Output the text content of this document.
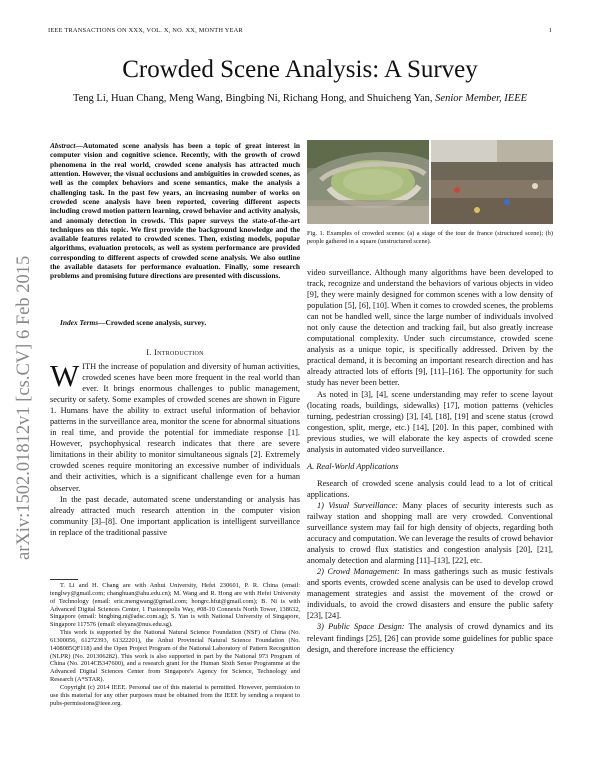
IEEE TRANSACTIONS ON XXX, VOL. X, NO. XX, MONTH YEAR	1
Crowded Scene Analysis: A Survey
Teng Li, Huan Chang, Meng Wang, Bingbing Ni, Richang Hong, and Shuicheng Yan, Senior Member, IEEE
arXiv:1502.01812v1 [cs.CV] 6 Feb 2015

Abstract—Automated scene analysis has been a topic of great interest in computer vision and cognitive science. Recently, with the growth of crowd phenomena in the real world, crowded scene analysis has attracted much attention. However, the visual occlusions and ambiguities in crowded scenes, as well as the complex behaviors and scene semantics, make the analysis a challenging task. In the past few years, an increasing number of works on crowded scene analysis have been reported, covering different aspects including crowd motion pattern learning, crowd behavior and activity analysis, and anomaly detection in crowds. This paper surveys the state-of-the-art techniques on this topic. We first provide the background knowledge and the available features related to crowded scenes. Then, existing models, popular algorithms, evaluation protocols, as well as system performance are provided corresponding to different aspects of crowded scene analysis. We also outline the available datasets for performance evaluation. Finally, some research problems and promising future directions are presented with discussions.

Index Terms—Crowded scene analysis, survey.

I. Introduction

WITH the increase of population and diversity of human activities, crowded scenes have been more frequent in the real world than ever. It brings enormous challenges to public management, security or safety. Some examples of crowded scenes are shown in Figure 1. Humans have the ability to extract useful information of behavior patterns in the surveillance area, monitor the scene for abnormal situations in real time, and provide the potential for immediate response [1]. However, psychophysical research indicates that there are severe limitations in their ability to monitor simultaneous signals [2]. Extremely crowded scenes require monitoring an excessive number of individuals and their activities, which is a significant challenge even for a human observer.

In the past decade, automated scene understanding or analysis has already attracted much research attention in the computer vision community [3]–[8]. One important application is intelligent surveillance in replace of the traditional passive

T. Li and H. Chang are with Anhui University, Hefei 230601, P. R. China (email: tenglwy@gmail.com; changhuan@ahu.edu.cn); M. Wang and R. Hong are with Hefei University of Technology (email: eric.mengwang@gmail.com; hongrc.hfut@gmail.com); B. Ni is with Advanced Digital Sciences Center, 1 Fusionopolis Way, #08-10 Connexis North Tower, 138632, Singapore (email: bingbing.ni@adsc.com.sg); S. Yan is with National University of Singapore, Singapore 117576 (email: eleyans@nus.edu.sg).

This work is supported by the National Natural Science Foundation (NSF) of China (No. 61300056, 61272393, 61322201), the Anhui Provincial Natural Science Foundation (No. 1408085QF118) and the Open Project Program of the National Laboratory of Pattern Recognition (NLPR) (No. 201306282). This work is also supported in part by the National 973 Program of China (No. 2014CB347600), and a research grant for the Human Sixth Sense Programme at the Advanced Digital Sciences Center from Singapore's Agency for Science, Technology and Research (A*STAR).

Copyright (c) 2014 IEEE. Personal use of this material is permitted. However, permission to use this material for any other purposes must be obtained from the IEEE by sending a request to pubs-permissions@ieee.org.

Fig. 1. Examples of crowded scenes: (a) a stage of the tour de france (structured scene); (b) people gathered in a square (unstructured scene).

video surveillance. Although many algorithms have been developed to track, recognize and understand the behaviors of various objects in video [9], they were mainly designed for common scenes with a low density of population [5], [6], [10]. When it comes to crowded scenes, the problems can not be handled well, since the large number of individuals involved not only cause the detection and tracking fail, but also greatly increase computational complexity. Under such circumstance, crowded scene analysis as a unique topic, is specifically addressed. Driven by the practical demand, it is becoming an important research direction and has already attracted lots of efforts [9], [11]–[16]. The opportunity for such study has never been better.

As noted in [3], [4], scene understanding may refer to scene layout (locating roads, buildings, sidewalks) [17], motion patterns (vehicles turning, pedestrian crossing) [3], [4], [18], [19] and scene status (crowd congestion, split, merge, etc.) [14], [20]. In this paper, combined with previous studies, we will elaborate the key aspects of crowded scene analysis in automated video surveillance.

A. Real-World Applications

Research of crowded scene analysis could lead to a lot of critical applications.

1) Visual Surveillance: Many places of security interests such as railway station and shopping mall are very crowded. Conventional surveillance system may fail for high density of objects, regarding both accuracy and computation. We can leverage the results of crowd behavior analysis to crowd flux statistics and congestion analysis [20], [21], anomaly detection and alarming [11]–[13], [22], etc.

2) Crowd Management: In mass gatherings such as music festivals and sports events, crowded scene analysis can be used to develop crowd management strategies and assist the movement of the crowd or individuals, to avoid the crowd disasters and ensure the public safety [23], [24].

3) Public Space Design: The analysis of crowd dynamics and its relevant findings [25], [26] can provide some guidelines for public space design, and therefore increase the efficiency
